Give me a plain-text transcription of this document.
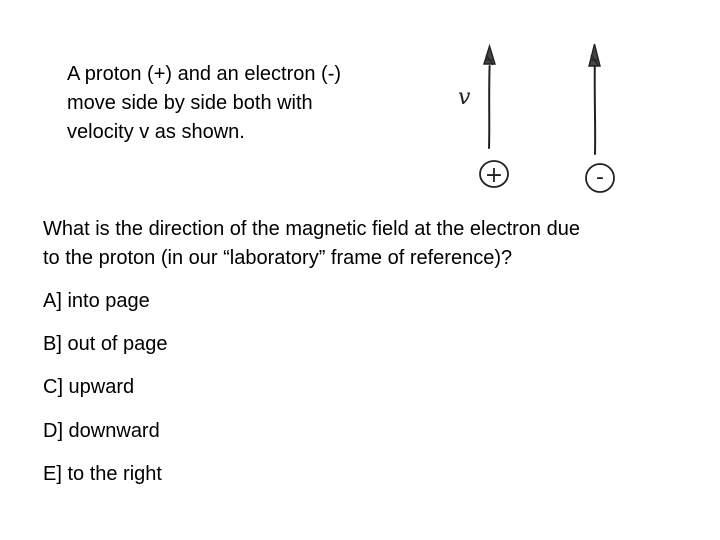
A proton (+) and an electron (-)
move side by side both with
velocity v as shown.
v
+	-
What is the direction of the magnetic field at the electron due
to the proton (in our “laboratory” frame of reference)?
A] into page
B] out of page
C] upward
D] downward
E] to the right
